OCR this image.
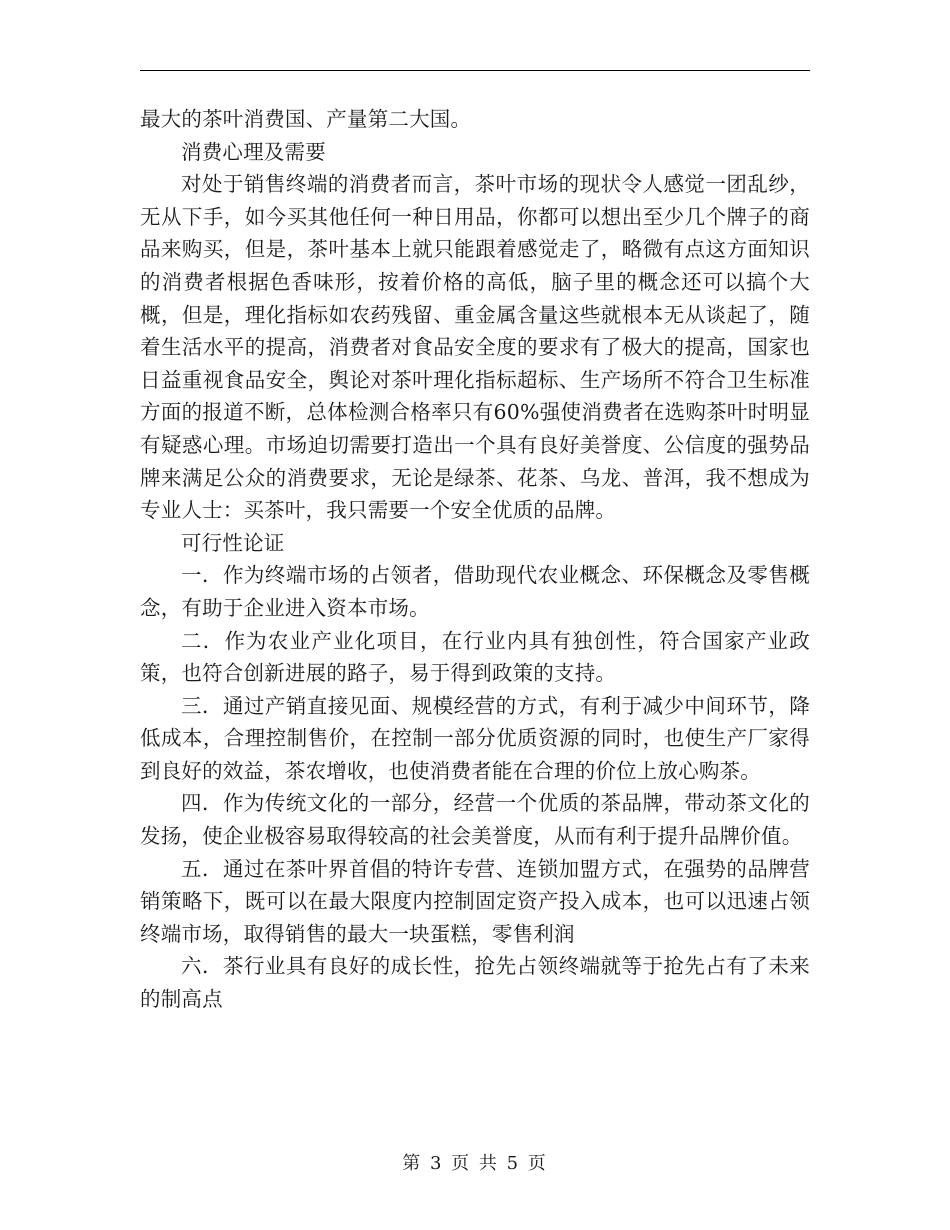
最大的茶叶消费国、产量第二大国。

消费心理及需要

对处于销售终端的消费者而言，茶叶市场的现状令人感觉一团乱纱，无从下手，如今买其他任何一种日用品，你都可以想出至少几个牌子的商品来购买，但是，茶叶基本上就只能跟着感觉走了，略微有点这方面知识的消费者根据色香味形，按着价格的高低，脑子里的概念还可以搞个大概，但是，理化指标如农药残留、重金属含量这些就根本无从谈起了，随着生活水平的提高，消费者对食品安全度的要求有了极大的提高，国家也日益重视食品安全，舆论对茶叶理化指标超标、生产场所不符合卫生标准方面的报道不断，总体检测合格率只有60%强使消费者在选购茶叶时明显有疑惑心理。市场迫切需要打造出一个具有良好美誉度、公信度的强势品牌来满足公众的消费要求，无论是绿茶、花茶、乌龙、普洱，我不想成为专业人士：买茶叶，我只需要一个安全优质的品牌。

可行性论证

一．作为终端市场的占领者，借助现代农业概念、环保概念及零售概念，有助于企业进入资本市场。

二．作为农业产业化项目，在行业内具有独创性，符合国家产业政策，也符合创新进展的路子，易于得到政策的支持。

三．通过产销直接见面、规模经营的方式，有利于减少中间环节，降低成本，合理控制售价，在控制一部分优质资源的同时，也使生产厂家得到良好的效益，茶农增收，也使消费者能在合理的价位上放心购茶。

四．作为传统文化的一部分，经营一个优质的茶品牌，带动茶文化的发扬，使企业极容易取得较高的社会美誉度，从而有利于提升品牌价值。

五．通过在茶叶界首倡的特许专营、连锁加盟方式，在强势的品牌营销策略下，既可以在最大限度内控制固定资产投入成本，也可以迅速占领终端市场，取得销售的最大一块蛋糕，零售利润

六．茶行业具有良好的成长性，抢先占领终端就等于抢先占有了未来的制高点

第 3 页 共 5 页
